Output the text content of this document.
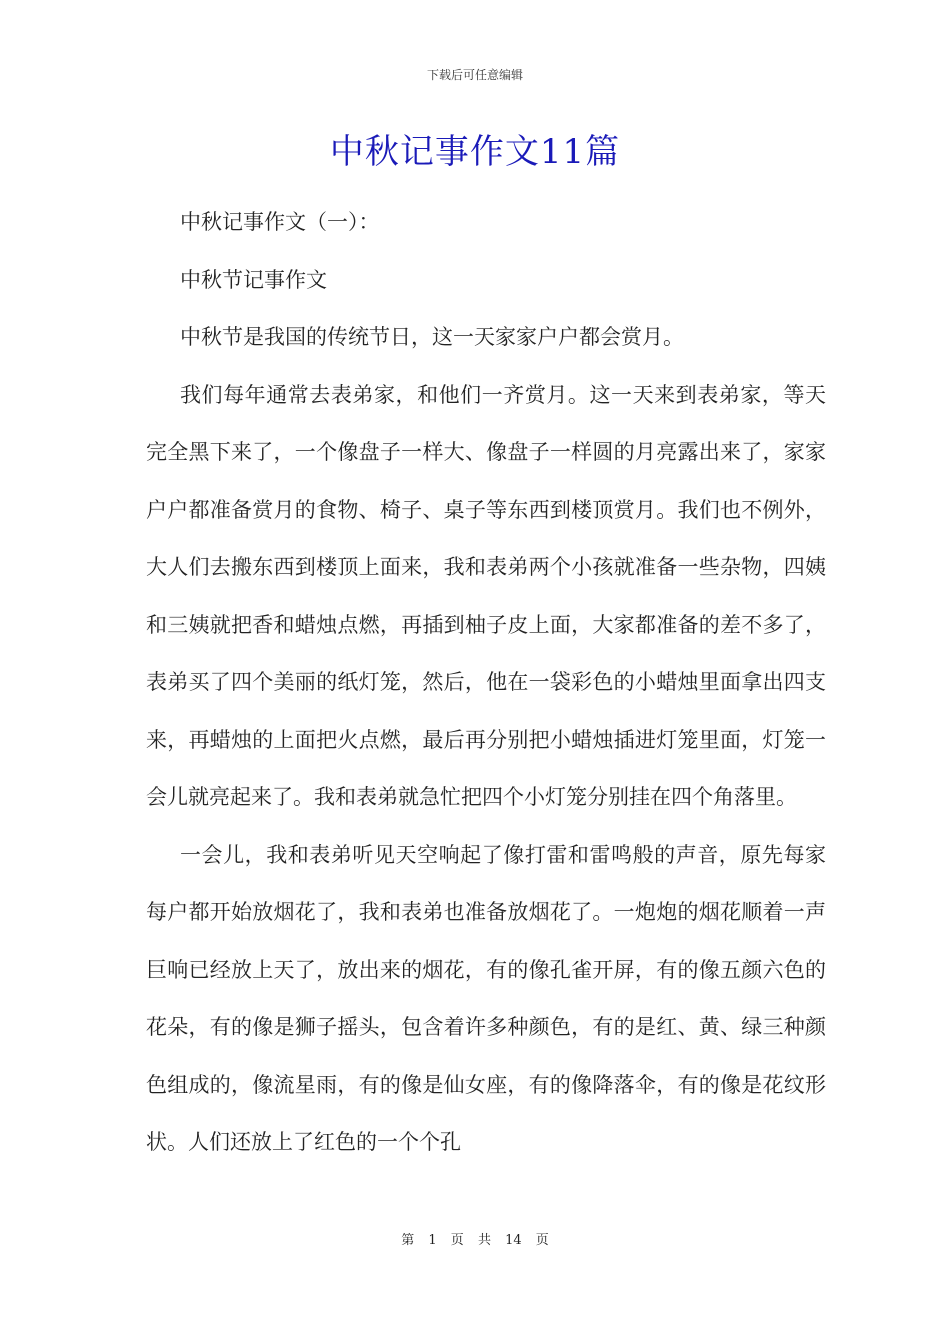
下载后可任意编辑
中秋记事作文11篇

中秋记事作文（一）：

中秋节记事作文

中秋节是我国的传统节日，这一天家家户户都会赏月。

我们每年通常去表弟家，和他们一齐赏月。这一天来到表弟家，等天完全黑下来了，一个像盘子一样大、像盘子一样圆的月亮露出来了，家家户户都准备赏月的食物、椅子、桌子等东西到楼顶赏月。我们也不例外，大人们去搬东西到楼顶上面来，我和表弟两个小孩就准备一些杂物，四姨和三姨就把香和蜡烛点燃，再插到柚子皮上面，大家都准备的差不多了，表弟买了四个美丽的纸灯笼，然后，他在一袋彩色的小蜡烛里面拿出四支来，再蜡烛的上面把火点燃，最后再分别把小蜡烛插进灯笼里面，灯笼一会儿就亮起来了。我和表弟就急忙把四个小灯笼分别挂在四个角落里。

一会儿，我和表弟听见天空响起了像打雷和雷鸣般的声音，原先每家每户都开始放烟花了，我和表弟也准备放烟花了。一炮炮的烟花顺着一声巨响已经放上天了，放出来的烟花，有的像孔雀开屏，有的像五颜六色的花朵，有的像是狮子摇头，包含着许多种颜色，有的是红、黄、绿三种颜色组成的，像流星雨，有的像是仙女座，有的像降落伞，有的像是花纹形状。人们还放上了红色的一个个孔

第 1 页 共 14 页
